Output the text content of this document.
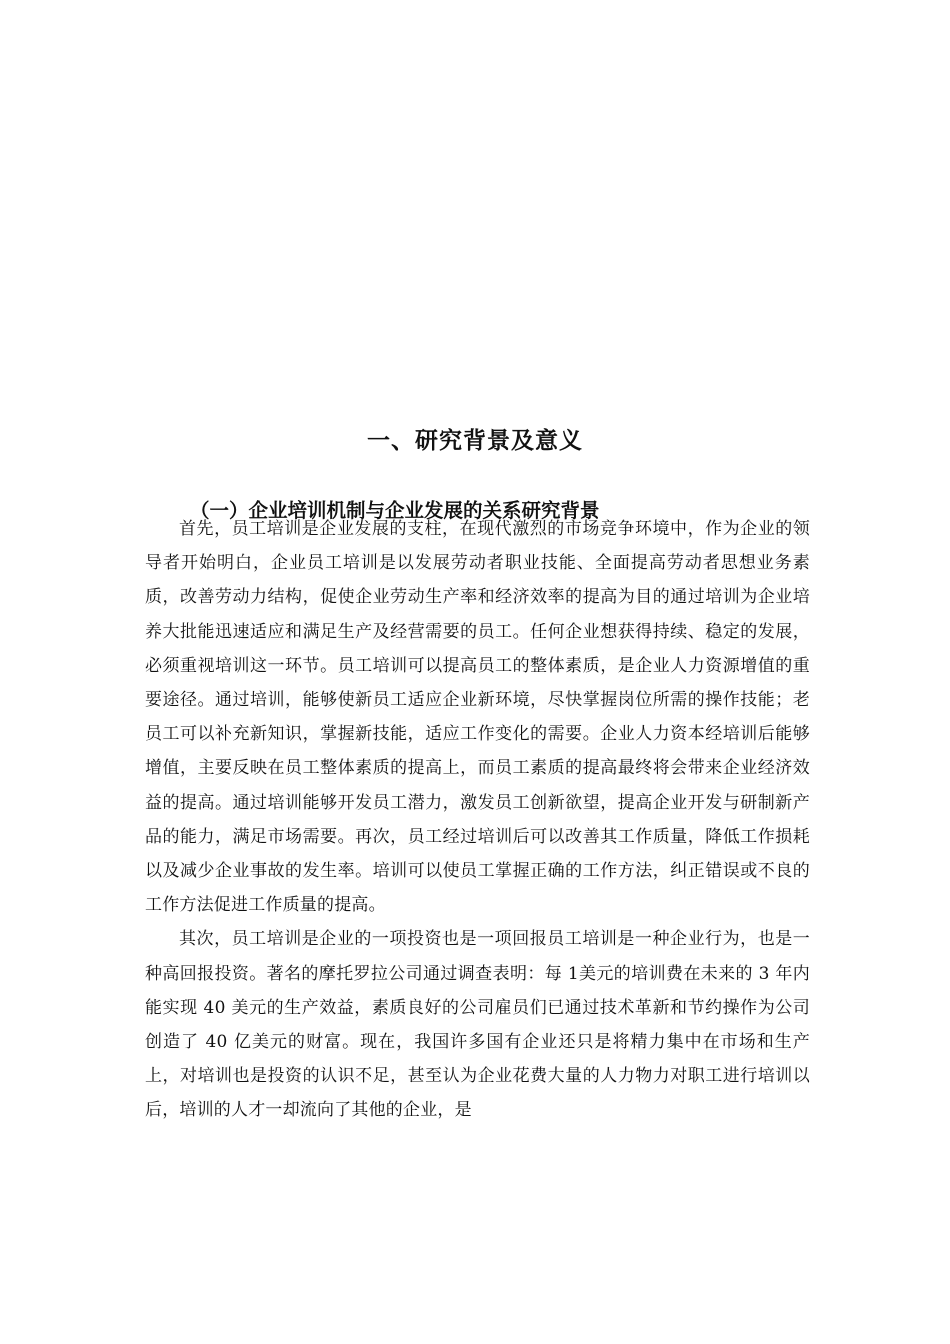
一、研究背景及意义
（一）企业培训机制与企业发展的关系研究背景

首先，员工培训是企业发展的支柱，在现代激烈的市场竞争环境中，作为企业的领导者开始明白，企业员工培训是以发展劳动者职业技能、全面提高劳动者思想业务素质，改善劳动力结构，促使企业劳动生产率和经济效率的提高为目的通过培训为企业培养大批能迅速适应和满足生产及经营需要的员工。任何企业想获得持续、稳定的发展，必须重视培训这一环节。员工培训可以提高员工的整体素质，是企业人力资源增值的重要途径。通过培训，能够使新员工适应企业新环境，尽快掌握岗位所需的操作技能；老员工可以补充新知识，掌握新技能，适应工作变化的需要。企业人力资本经培训后能够增值，主要反映在员工整体素质的提高上，而员工素质的提高最终将会带来企业经济效益的提高。通过培训能够开发员工潜力，激发员工创新欲望，提高企业开发与研制新产品的能力，满足市场需要。再次，员工经过培训后可以改善其工作质量，降低工作损耗以及减少企业事故的发生率。培训可以使员工掌握正确的工作方法，纠正错误或不良的工作方法促进工作质量的提高。

其次，员工培训是企业的一项投资也是一项回报员工培训是一种企业行为，也是一种高回报投资。著名的摩托罗拉公司通过调查表明：每 1美元的培训费在未来的 3 年内能实现 40 美元的生产效益，素质良好的公司雇员们已通过技术革新和节约操作为公司创造了 40 亿美元的财富。现在，我国许多国有企业还只是将精力集中在市场和生产上，对培训也是投资的认识不足，甚至认为企业花费大量的人力物力对职工进行培训以后，培训的人才一却流向了其他的企业，是
